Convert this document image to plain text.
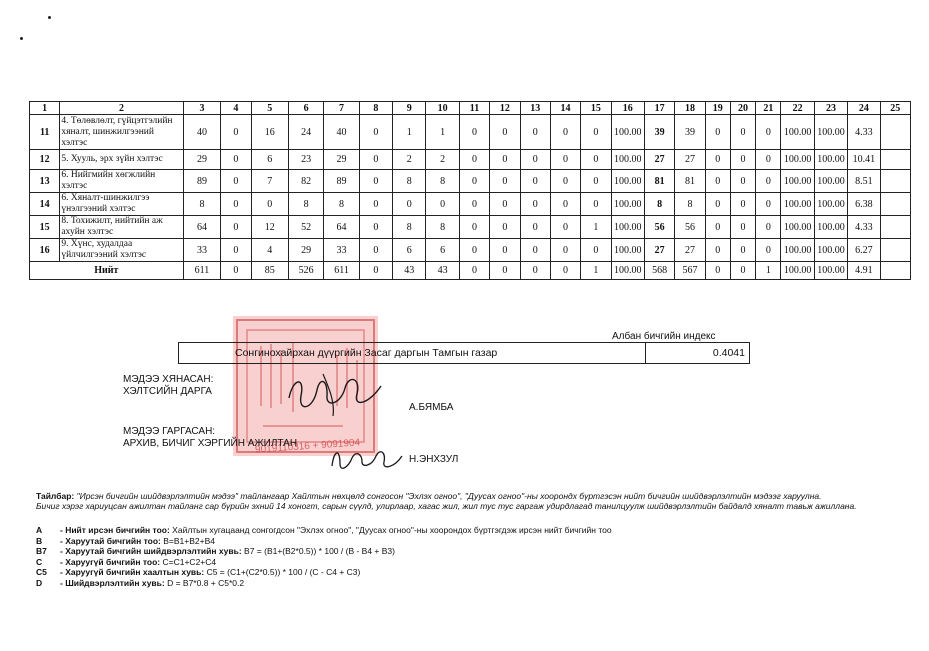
1	2	3	4	5	6	7	8	9	10	11	12	13	14	15	16	17	18	19	20	21	22	23	24	25
11	4. Төлөвлөлт, гүйцэтгэлийн хяналт, шинжилгээний хэлтэс	40	0	16	24	40	0	1	1	0	0	0	0	0	100.00	39	39	0	0	0	100.00	100.00	4.33	
12	5. Хууль, эрх зүйн хэлтэс	29	0	6	23	29	0	2	2	0	0	0	0	0	100.00	27	27	0	0	0	100.00	100.00	10.41	
13	6. Нийгмийн хөгжлийн хэлтэс	89	0	7	82	89	0	8	8	0	0	0	0	0	100.00	81	81	0	0	0	100.00	100.00	8.51	
14	6. Хяналт-шинжилгээ үнэлгээний хэлтэс	8	0	0	8	8	0	0	0	0	0	0	0	0	100.00	8	8	0	0	0	100.00	100.00	6.38	
15	8. Тохижилт, нийтийн аж ахуйн хэлтэс	64	0	12	52	64	0	8	8	0	0	0	0	1	100.00	56	56	0	0	0	100.00	100.00	4.33	
16	9. Хүнс, худалдаа үйлчилгээний хэлтэс	33	0	4	29	33	0	6	6	0	0	0	0	0	100.00	27	27	0	0	0	100.00	100.00	6.27	
Нийт		611	0	85	526	611	0	43	43	0	0	0	0	1	100.00	568	567	0	0	1	100.00	100.00	4.91	
9019110316 + 9091904
Албан бичгийн индекс
Сонгинохайрхан дүүргийн Засаг даргын Тамгын газар	0.4041
МЭДЭЭ ХЯНАСАН:
ХЭЛТСИЙН ДАРГА
А.БЯМБА
МЭДЭЭ ГАРГАСАН:
АРХИВ, БИЧИГ ХЭРГИЙН АЖИЛТАН
Н.ЭНХЗУЛ
Тайлбар: "Ирсэн бичгийн шийдвэрлэлтийн мэдээ" тайлангаар Хайлтын нөхцөлд сонгосон "Эхлэх огноо", "Дуусах огноо"-ны хоорондх бүртгэсэн нийт бичгийн шийдвэрлэлтийн мэдээг харуулна.
Бичиг хэрэг хариуцсан ажилтан тайланг сар бүрийн эхний 14 хоногт, сарын сүүлд, улирлаар, хагас жил, жил тус тус гаргаж удирдлагад танилцуулж шийдвэрлэлтийн байдалд хяналт тавьж ажиллана.
A - Нийт ирсэн бичгийн тоо: Хайлтын хугацаанд сонгогдсон "Эхлэх огноо", "Дуусах огноо"-ны хоорондох бүртгэгдэж ирсэн нийт бичгийн тоо
B - Харуутай бичгийн тоо: B=B1+B2+B4
B7 - Харуутай бичгийн шийдвэрлэлтийн хувь: B7 = (B1+(B2*0.5)) * 100 / (B - B4 + B3)
C - Харуугүй бичгийн тоо: C=C1+C2+C4
C5 - Харуугүй бичгийн хаалтын хувь: C5 = (C1+(C2*0.5)) * 100 / (C - C4 + C3)
D - Шийдвэрлэлтийн хувь: D = B7*0.8 + C5*0.2
